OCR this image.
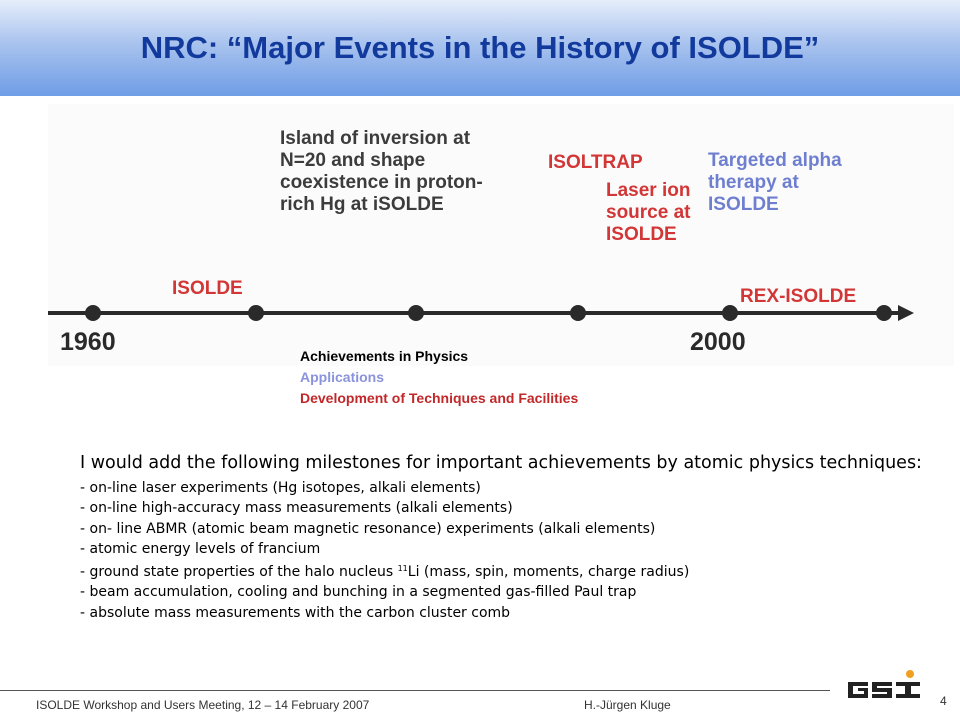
NRC: “Major Events in the History of ISOLDE”
Island of inversion at
N=20 and shape
coexistence in proton-
rich Hg at iSOLDE
ISOLTRAP
Laser ion
source at
ISOLDE
Targeted alpha
therapy at
ISOLDE
ISOLDE	REX-ISOLDE
1960	2000
Achievements in Physics
Applications
Development of Techniques and Facilities
I would add the following milestones for important achievements by atomic physics techniques:
- on-line laser experiments (Hg isotopes, alkali elements)
- on-line high-accuracy mass measurements (alkali elements)
- on- line ABMR (atomic beam magnetic resonance) experiments (alkali elements)
- atomic energy levels of francium
- ground state properties of the halo nucleus $^{11}$Li (mass, spin, moments, charge radius)
- beam accumulation, cooling and bunching in a segmented gas-filled Paul trap
- absolute mass measurements with the carbon cluster comb
ISOLDE Workshop and Users Meeting, 12 – 14 February 2007	H.-Jürgen Kluge	4
